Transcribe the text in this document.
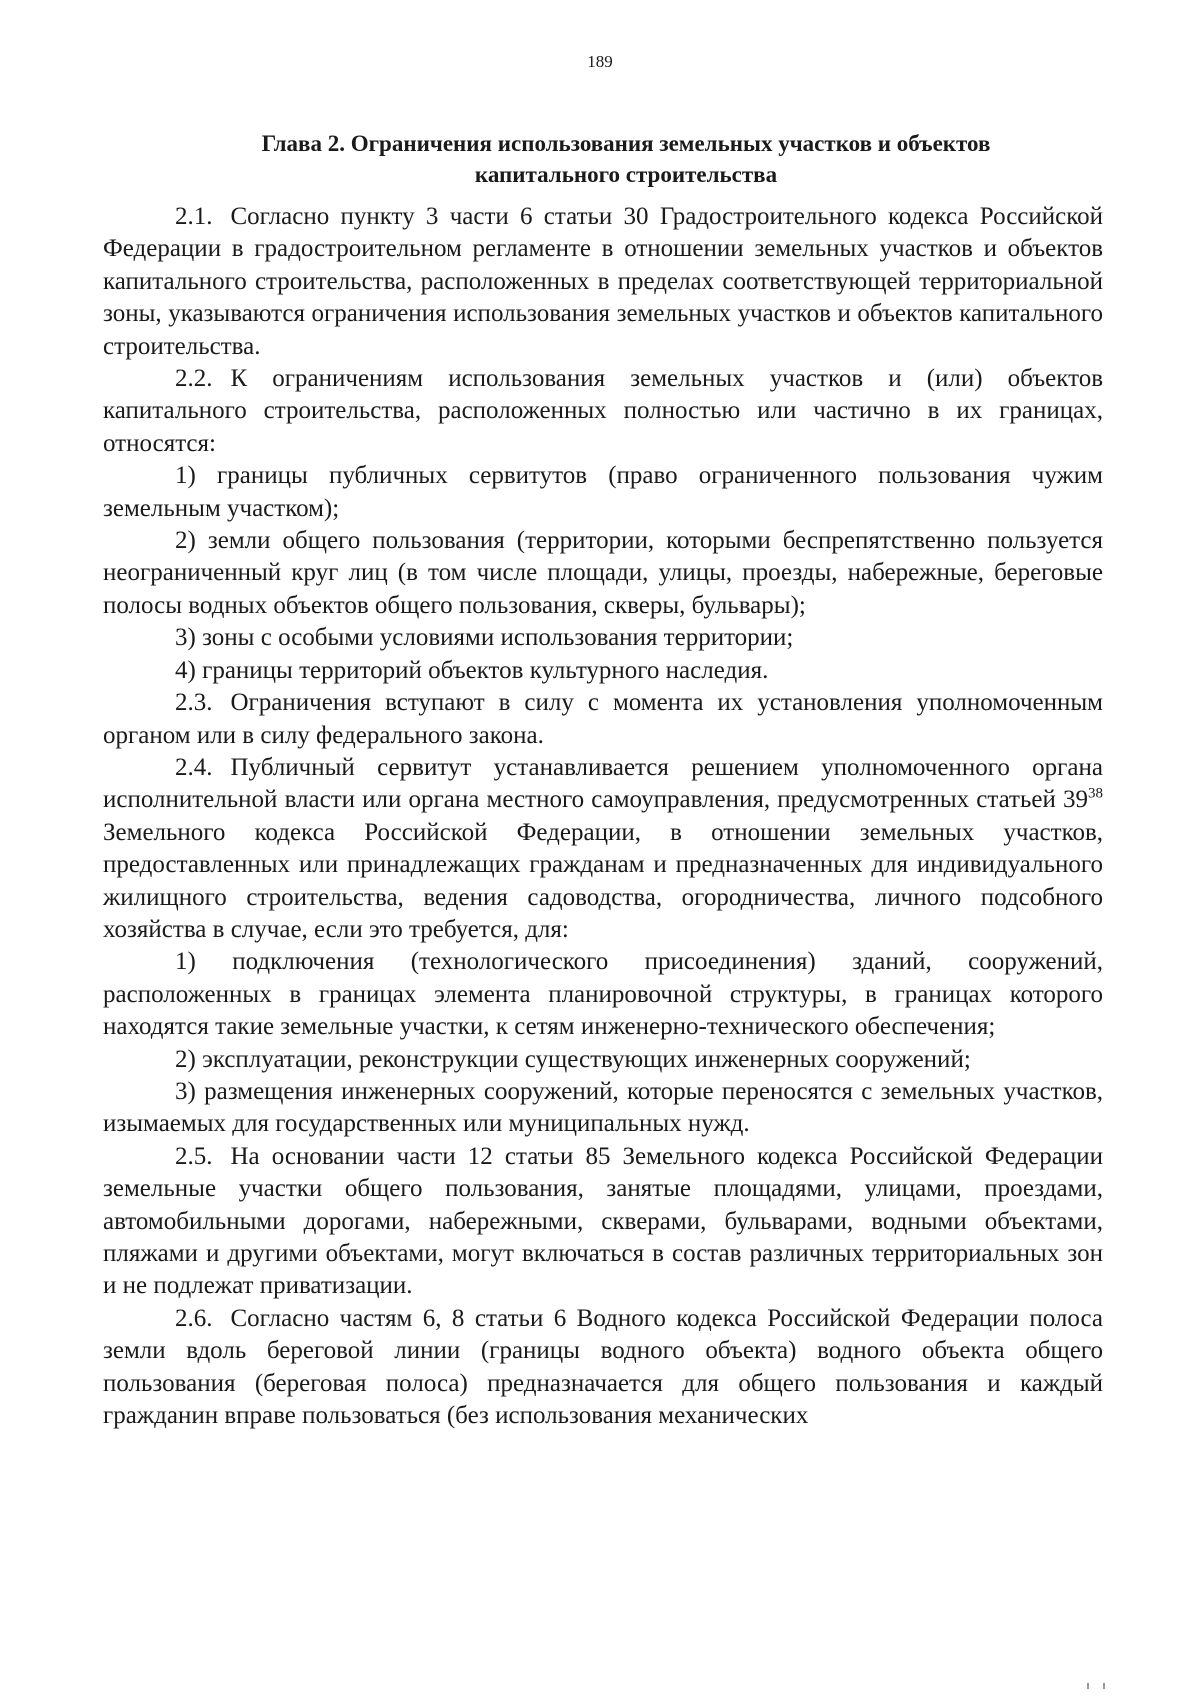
189
Глава 2. Ограничения использования земельных участков и объектов капитального строительства

2.1. Согласно пункту 3 части 6 статьи 30 Градостроительного кодекса Российской Федерации в градостроительном регламенте в отношении земельных участков и объектов капитального строительства, расположенных в пределах соответствующей территориальной зоны, указываются ограничения использования земельных участков и объектов капитального строительства.

2.2. К ограничениям использования земельных участков и (или) объектов капитального строительства, расположенных полностью или частично в их границах, относятся:

1) границы публичных сервитутов (право ограниченного пользования чужим земельным участком);

2) земли общего пользования (территории, которыми беспрепятственно пользуется неограниченный круг лиц (в том числе площади, улицы, проезды, набережные, береговые полосы водных объектов общего пользования, скверы, бульвары);

3) зоны с особыми условиями использования территории;

4) границы территорий объектов культурного наследия.

2.3. Ограничения вступают в силу с момента их установления уполномоченным органом или в силу федерального закона.

2.4. Публичный сервитут устанавливается решением уполномоченного органа исполнительной власти или органа местного самоуправления, предусмотренных статьей $39^{38}$ Земельного кодекса Российской Федерации, в отношении земельных участков, предоставленных или принадлежащих гражданам и предназначенных для индивидуального жилищного строительства, ведения садоводства, огородничества, личного подсобного хозяйства в случае, если это требуется, для:

1) подключения (технологического присоединения) зданий, сооружений, расположенных в границах элемента планировочной структуры, в границах которого находятся такие земельные участки, к сетям инженерно-технического обеспечения;

2) эксплуатации, реконструкции существующих инженерных сооружений;

3) размещения инженерных сооружений, которые переносятся с земельных участков, изымаемых для государственных или муниципальных нужд.

2.5. На основании части 12 статьи 85 Земельного кодекса Российской Федерации земельные участки общего пользования, занятые площадями, улицами, проездами, автомобильными дорогами, набережными, скверами, бульварами, водными объектами, пляжами и другими объектами, могут включаться в состав различных территориальных зон и не подлежат приватизации.

2.6. Согласно частям 6, 8 статьи 6 Водного кодекса Российской Федерации полоса земли вдоль береговой линии (границы водного объекта) водного объекта общего пользования (береговая полоса) предназначается для общего пользования и каждый гражданин вправе пользоваться (без использования механических
